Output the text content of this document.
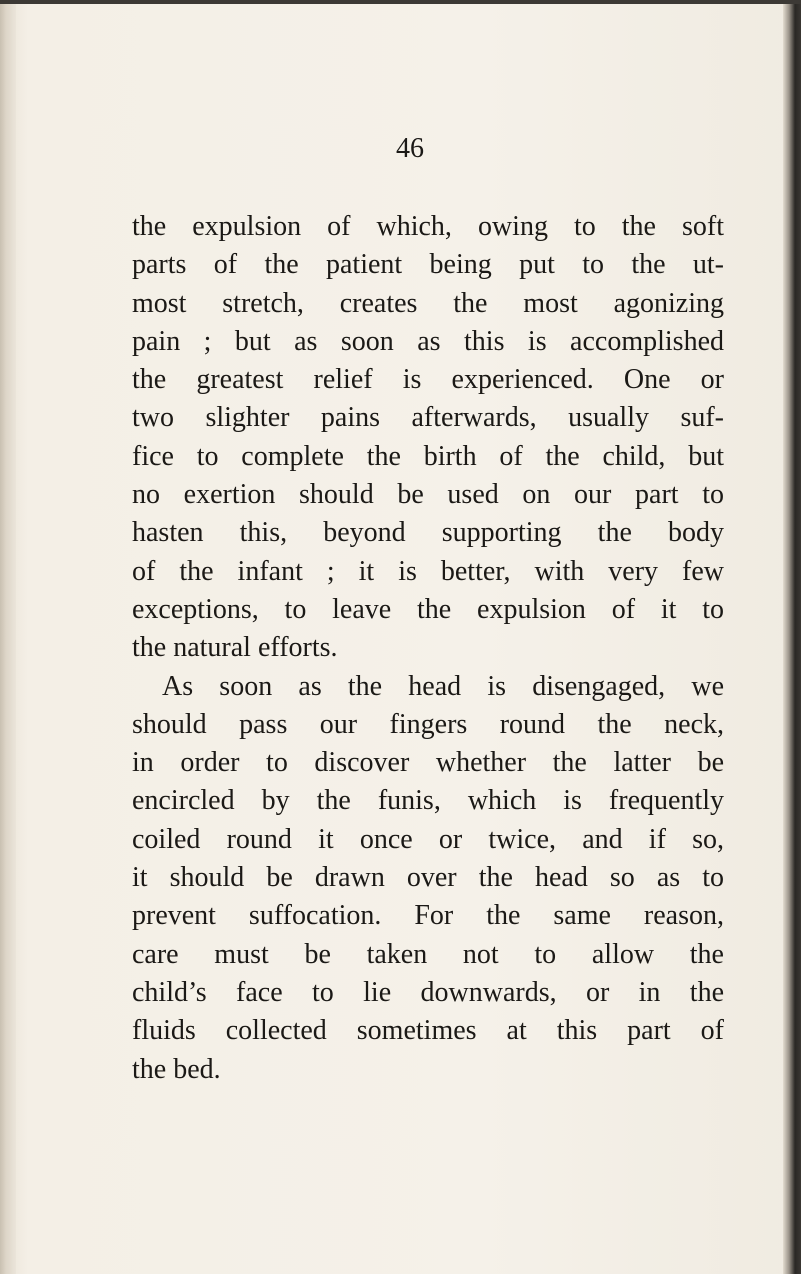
46
the expulsion of which, owing to the soft
parts of the patient being put to the ut-
most stretch, creates the most agonizing
pain ; but as soon as this is accomplished
the greatest relief is experienced. One or
two slighter pains afterwards, usually suf-
fice to complete the birth of the child, but
no exertion should be used on our part to
hasten this, beyond supporting the body
of the infant ; it is better, with very few
exceptions, to leave the expulsion of it to
the natural efforts.
As soon as the head is disengaged, we
should pass our fingers round the neck,
in order to discover whether the latter be
encircled by the funis, which is frequently
coiled round it once or twice, and if so,
it should be drawn over the head so as to
prevent suffocation. For the same reason,
care must be taken not to allow the
child’s face to lie downwards, or in the
fluids collected sometimes at this part of
the bed.
